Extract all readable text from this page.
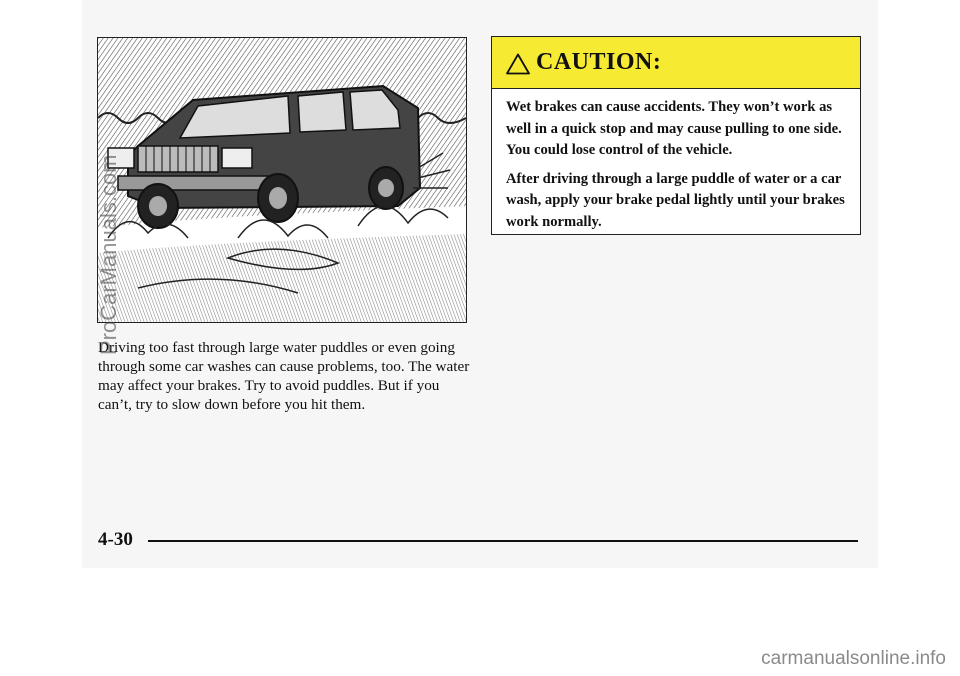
Driving too fast through large water puddles or even going through some car washes can cause problems, too. The water may affect your brakes. Try to avoid puddles. But if you can’t, try to slow down before you hit them.

CAUTION:

Wet brakes can cause accidents. They won’t work as well in a quick stop and may cause pulling to one side. You could lose control of the vehicle.

After driving through a large puddle of water or a car wash, apply your brake pedal lightly until your brakes work normally.

4-30
ProCarManuals.com
carmanualsonline.info
